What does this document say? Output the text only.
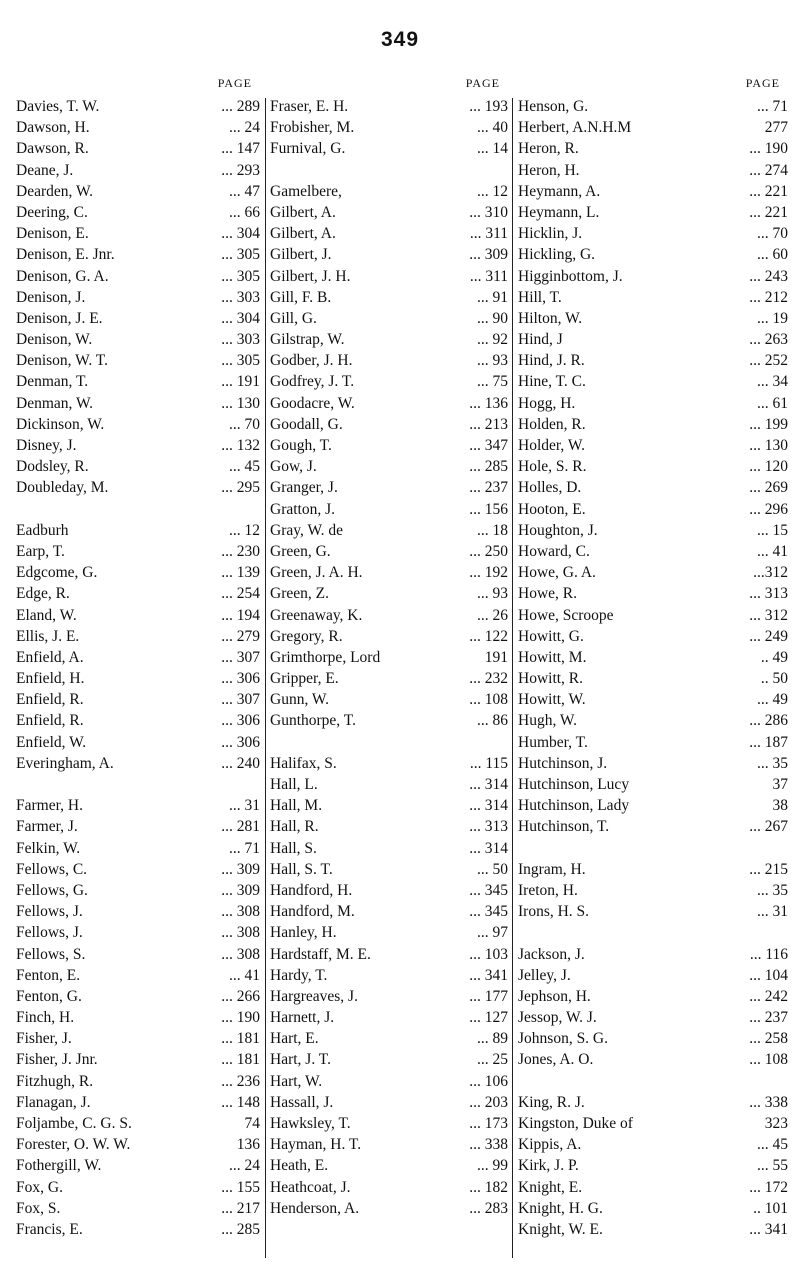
349
PAGE
Davies, T. W.	... 289
Dawson, H.	... 24
Dawson, R.	... 147
Deane, J.	... 293
Dearden, W.	... 47
Deering, C.	... 66
Denison, E.	... 304
Denison, E. Jnr.	... 305
Denison, G. A.	... 305
Denison, J.	... 303
Denison, J. E.	... 304
Denison, W.	... 303
Denison, W. T.	... 305
Denman, T.	... 191
Denman, W.	... 130
Dickinson, W.	... 70
Disney, J.	... 132
Dodsley, R.	... 45
Doubleday, M.	... 295
Eadburh	... 12
Earp, T.	... 230
Edgcome, G.	... 139
Edge, R.	... 254
Eland, W.	... 194
Ellis, J. E.	... 279
Enfield, A.	... 307
Enfield, H.	... 306
Enfield, R.	... 307
Enfield, R.	... 306
Enfield, W.	... 306
Everingham, A.	... 240
Farmer, H.	... 31
Farmer, J.	... 281
Felkin, W.	... 71
Fellows, C.	... 309
Fellows, G.	... 309
Fellows, J.	... 308
Fellows, J.	... 308
Fellows, S.	... 308
Fenton, E.	... 41
Fenton, G.	... 266
Finch, H.	... 190
Fisher, J.	... 181
Fisher, J. Jnr.	... 181
Fitzhugh, R.	... 236
Flanagan, J.	... 148
Foljambe, C. G. S.	74
Forester, O. W. W.	136
Fothergill, W.	... 24
Fox, G.	... 155
Fox, S.	... 217
Francis, E.	... 285
PAGE
Fraser, E. H.	... 193
Frobisher, M.	... 40
Furnival, G.	... 14
Gamelbere,	... 12
Gilbert, A.	... 310
Gilbert, A.	... 311
Gilbert, J.	... 309
Gilbert, J. H.	... 311
Gill, F. B.	... 91
Gill, G.	... 90
Gilstrap, W.	... 92
Godber, J. H.	... 93
Godfrey, J. T.	... 75
Goodacre, W.	... 136
Goodall, G.	... 213
Gough, T.	... 347
Gow, J.	... 285
Granger, J.	... 237
Gratton, J.	... 156
Gray, W. de	... 18
Green, G.	... 250
Green, J. A. H.	... 192
Green, Z.	... 93
Greenaway, K.	... 26
Gregory, R.	... 122
Grimthorpe, Lord	191
Gripper, E.	... 232
Gunn, W.	... 108
Gunthorpe, T.	... 86
Halifax, S.	... 115
Hall, L.	... 314
Hall, M.	... 314
Hall, R.	... 313
Hall, S.	... 314
Hall, S. T.	... 50
Handford, H.	... 345
Handford, M.	... 345
Hanley, H.	... 97
Hardstaff, M. E.	... 103
Hardy, T.	... 341
Hargreaves, J.	... 177
Harnett, J.	... 127
Hart, E.	... 89
Hart, J. T.	... 25
Hart, W.	... 106
Hassall, J.	... 203
Hawksley, T.	... 173
Hayman, H. T.	... 338
Heath, E.	... 99
Heathcoat, J.	... 182
Henderson, A.	... 283
PAGE
Henson, G.	... 71
Herbert, A.N.H.M	277
Heron, R.	... 190
Heron, H.	... 274
Heymann, A.	... 221
Heymann, L.	... 221
Hicklin, J.	... 70
Hickling, G.	... 60
Higginbottom, J.	... 243
Hill, T.	... 212
Hilton, W.	... 19
Hind, J	... 263
Hind, J. R.	... 252
Hine, T. C.	... 34
Hogg, H.	... 61
Holden, R.	... 199
Holder, W.	... 130
Hole, S. R.	... 120
Holles, D.	... 269
Hooton, E.	... 296
Houghton, J.	... 15
Howard, C.	... 41
Howe, G. A.	...312
Howe, R.	... 313
Howe, Scroope	... 312
Howitt, G.	... 249
Howitt, M.	.. 49
Howitt, R.	.. 50
Howitt, W.	... 49
Hugh, W.	... 286
Humber, T.	... 187
Hutchinson, J.	... 35
Hutchinson, Lucy	37
Hutchinson, Lady	38
Hutchinson, T.	... 267
Ingram, H.	... 215
Ireton, H.	... 35
Irons, H. S.	... 31
Jackson, J.	... 116
Jelley, J.	... 104
Jephson, H.	... 242
Jessop, W. J.	... 237
Johnson, S. G.	... 258
Jones, A. O.	... 108
King, R. J.	... 338
Kingston, Duke of	323
Kippis, A.	... 45
Kirk, J. P.	... 55
Knight, E.	... 172
Knight, H. G.	.. 101
Knight, W. E.	... 341
